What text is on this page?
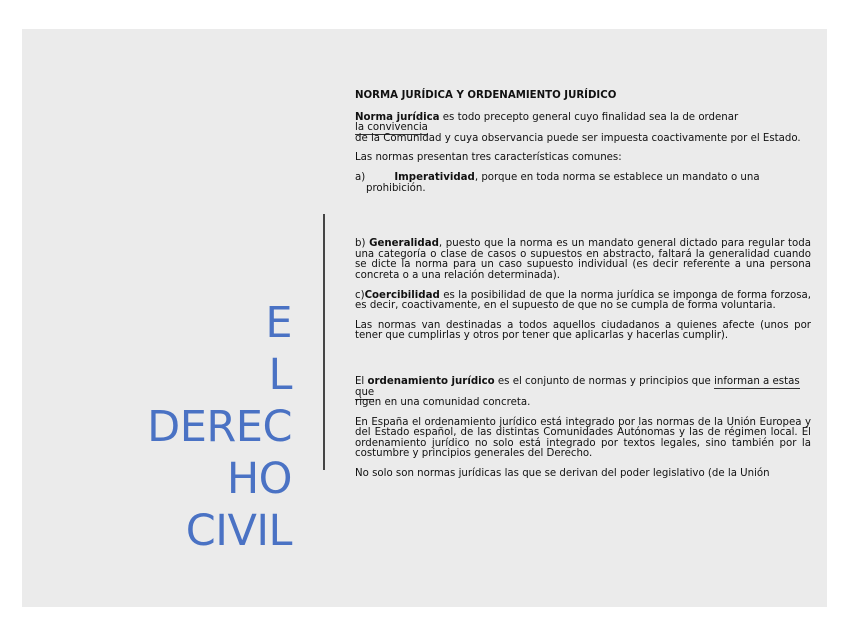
E
L
DEREC
HO
CIVIL
NORMA JURÍDICA Y ORDENAMIENTO JURÍDICO
Norma jurídica es todo precepto general cuyo finalidad sea la de ordenar
la convivencia
de la Comunidad y cuya observancia puede ser impuesta coactivamente por el Estado.
Las normas presentan tres características comunes:
a)	Imperatividad, porque en toda norma se establece un mandato o una prohibición.
b) Generalidad, puesto que la norma es un mandato general dictado para regular toda una categoría o clase de casos o supuestos en abstracto, faltará la generalidad cuando se dicte la norma para un caso supuesto individual (es decir referente a una persona concreta o a una relación determinada).
c)Coercibilidad es la posibilidad de que la norma jurídica se imponga de forma forzosa, es decir, coactivamente, en el supuesto de que no se cumpla de forma voluntaria.
Las normas van destinadas a todos aquellos ciudadanos a quienes afecte (unos por tener que cumplirlas y otros por tener que aplicarlas y hacerlas cumplir).
El ordenamiento jurídico es el conjunto de normas y principios que informan a estas que
rigen en una comunidad concreta.
En España el ordenamiento jurídico está integrado por las normas de la Unión Europea y del Estado español, de las distintas Comunidades Autónomas y las de régimen local. El ordenamiento jurídico no solo está integrado por textos legales, sino también por la costumbre y principios generales del Derecho.
No solo son normas jurídicas las que se derivan del poder legislativo (de la Unión
